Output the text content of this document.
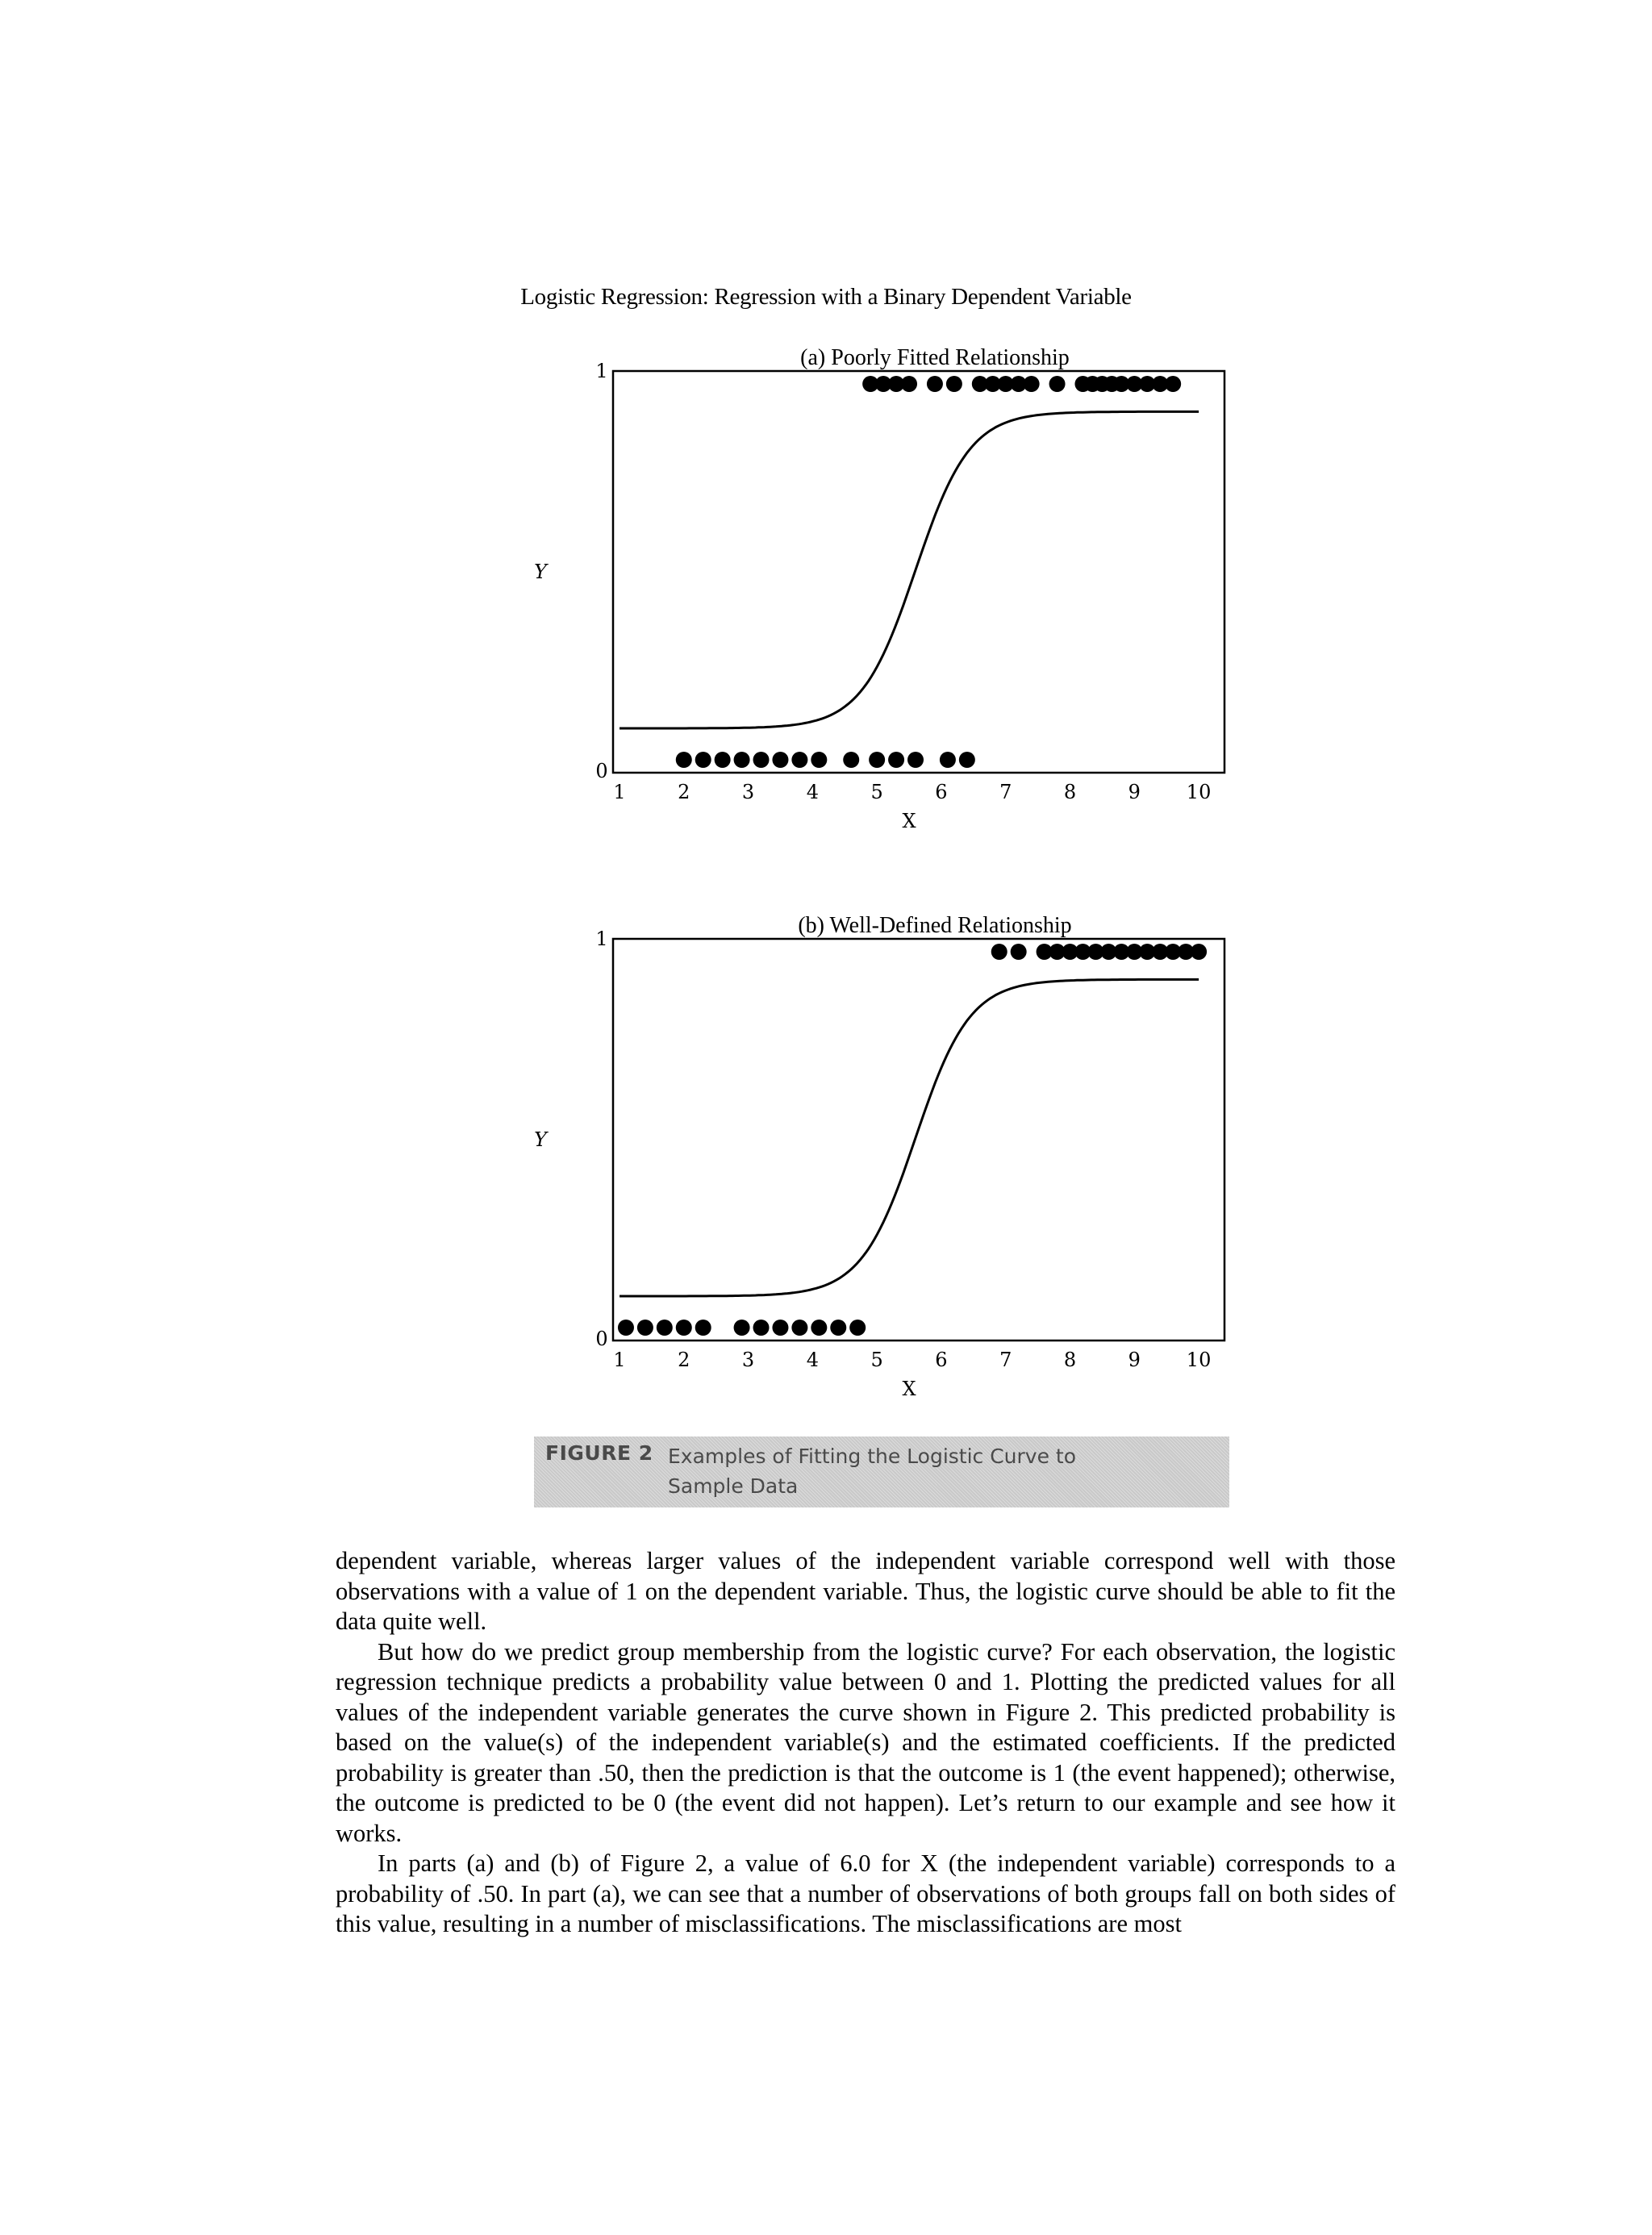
Logistic Regression: Regression with a Binary Dependent Variable
(a) Poorly Fitted Relationship
1
0
Y
1	2	3	4	5	6	7	8	9 10
X
(b) Well-Defined Relationship
1
0
Y
1	2	3	4	5	6	7	8	9 10
X
FIGURE 2 Examples of Fitting the Logistic Curve to
Sample Data

dependent variable, whereas larger values of the independent variable correspond well with those observations with a value of 1 on the dependent variable. Thus, the logistic curve should be able to fit the data quite well.

But how do we predict group membership from the logistic curve? For each observation, the logistic regression technique predicts a probability value between 0 and 1. Plotting the predicted values for all values of the independent variable generates the curve shown in Figure 2. This predicted probability is based on the value(s) of the independent variable(s) and the estimated coefficients. If the predicted probability is greater than .50, then the prediction is that the outcome is 1 (the event happened); otherwise, the outcome is predicted to be 0 (the event did not happen). Let’s return to our example and see how it works.

In parts (a) and (b) of Figure 2, a value of 6.0 for X (the independent variable) corresponds to a probability of .50. In part (a), we can see that a number of observations of both groups fall on both sides of this value, resulting in a number of misclassifications. The misclassifications are most
